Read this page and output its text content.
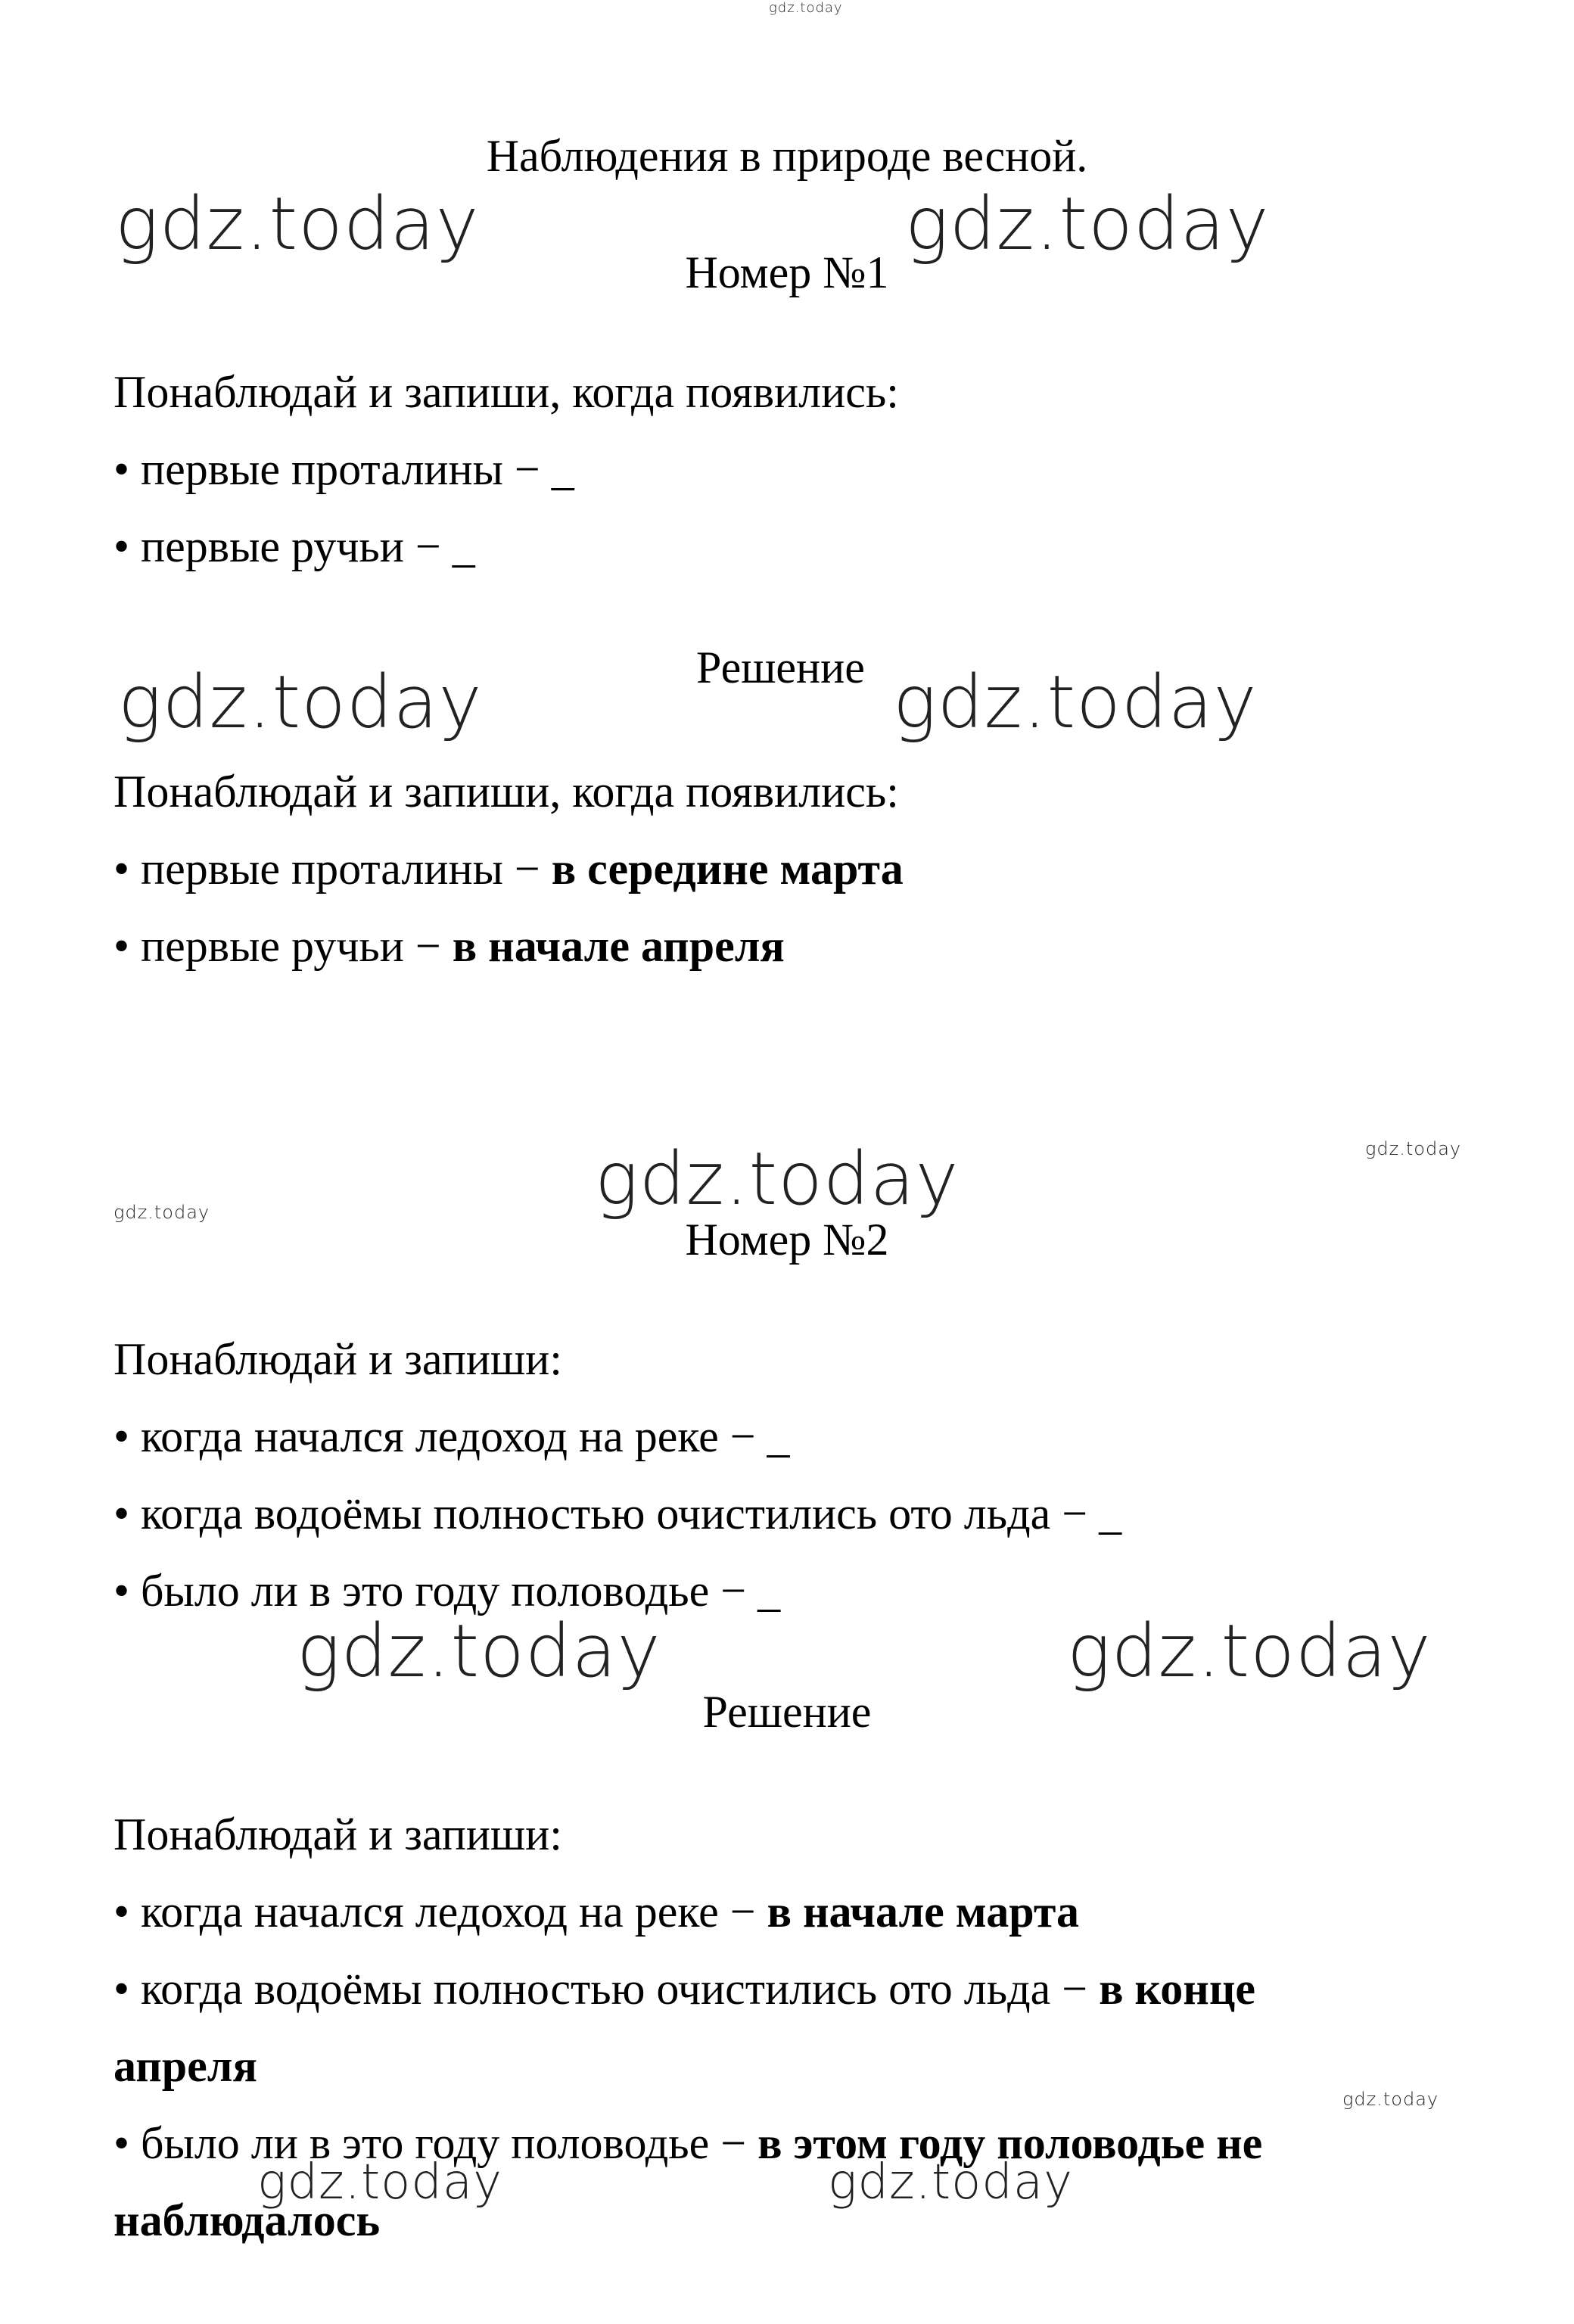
gdz.today
gdz.today	gdz.today
gdz.today	gdz.today
gdz.today	gdz.today
gdz.today
gdz.today	gdz.today
gdz.today
gdz.today	gdz.today
Наблюдения в природе весной.
Номер №1
Понаблюдай и запиши, когда появились:
• первые проталины − _
• первые ручьи − _
Решение
Понаблюдай и запиши, когда появились:
• первые проталины − в середине марта
• первые ручьи − в начале апреля
Номер №2
Понаблюдай и запиши:
• когда начался ледоход на реке − _
• когда водоёмы полностью очистились ото льда − _
• было ли в это году половодье − _
Решение
Понаблюдай и запиши:
• когда начался ледоход на реке − в начале марта
• когда водоёмы полностью очистились ото льда − в конце
апреля
• было ли в это году половодье − в этом году половодье не
наблюдалось
